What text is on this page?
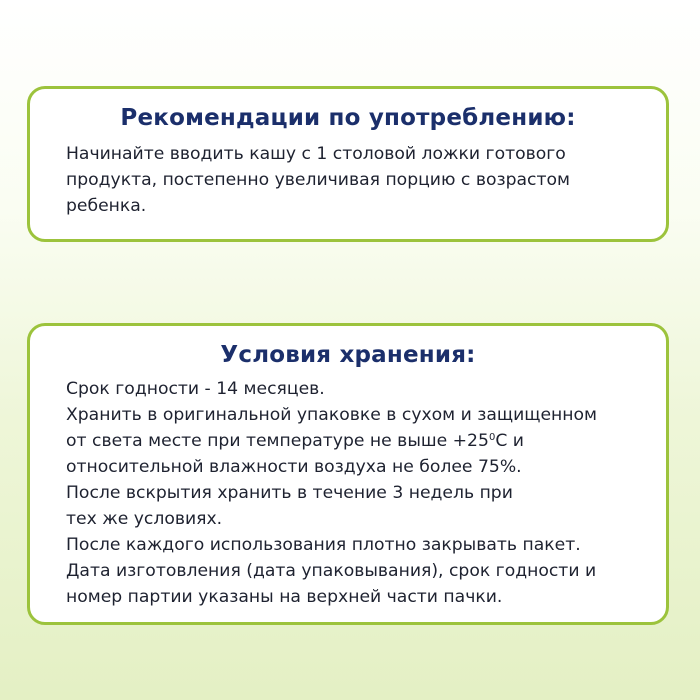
Рекомендации по употреблению:

Начинайте вводить кашу с 1 столовой ложки готового
продукта, постепенно увеличивая порцию с возрастом
ребенка.

Условия хранения:

Срок годности - 14 месяцев.
Хранить в оригинальной упаковке в сухом и защищенном
от света месте при температуре не выше $+25^0С$ и
относительной влажности воздуха не более 75%.
После вскрытия хранить в течение 3 недель при
тех же условиях.
После каждого использования плотно закрывать пакет.
Дата изготовления (дата упаковывания), срок годности и
номер партии указаны на верхней части пачки.
